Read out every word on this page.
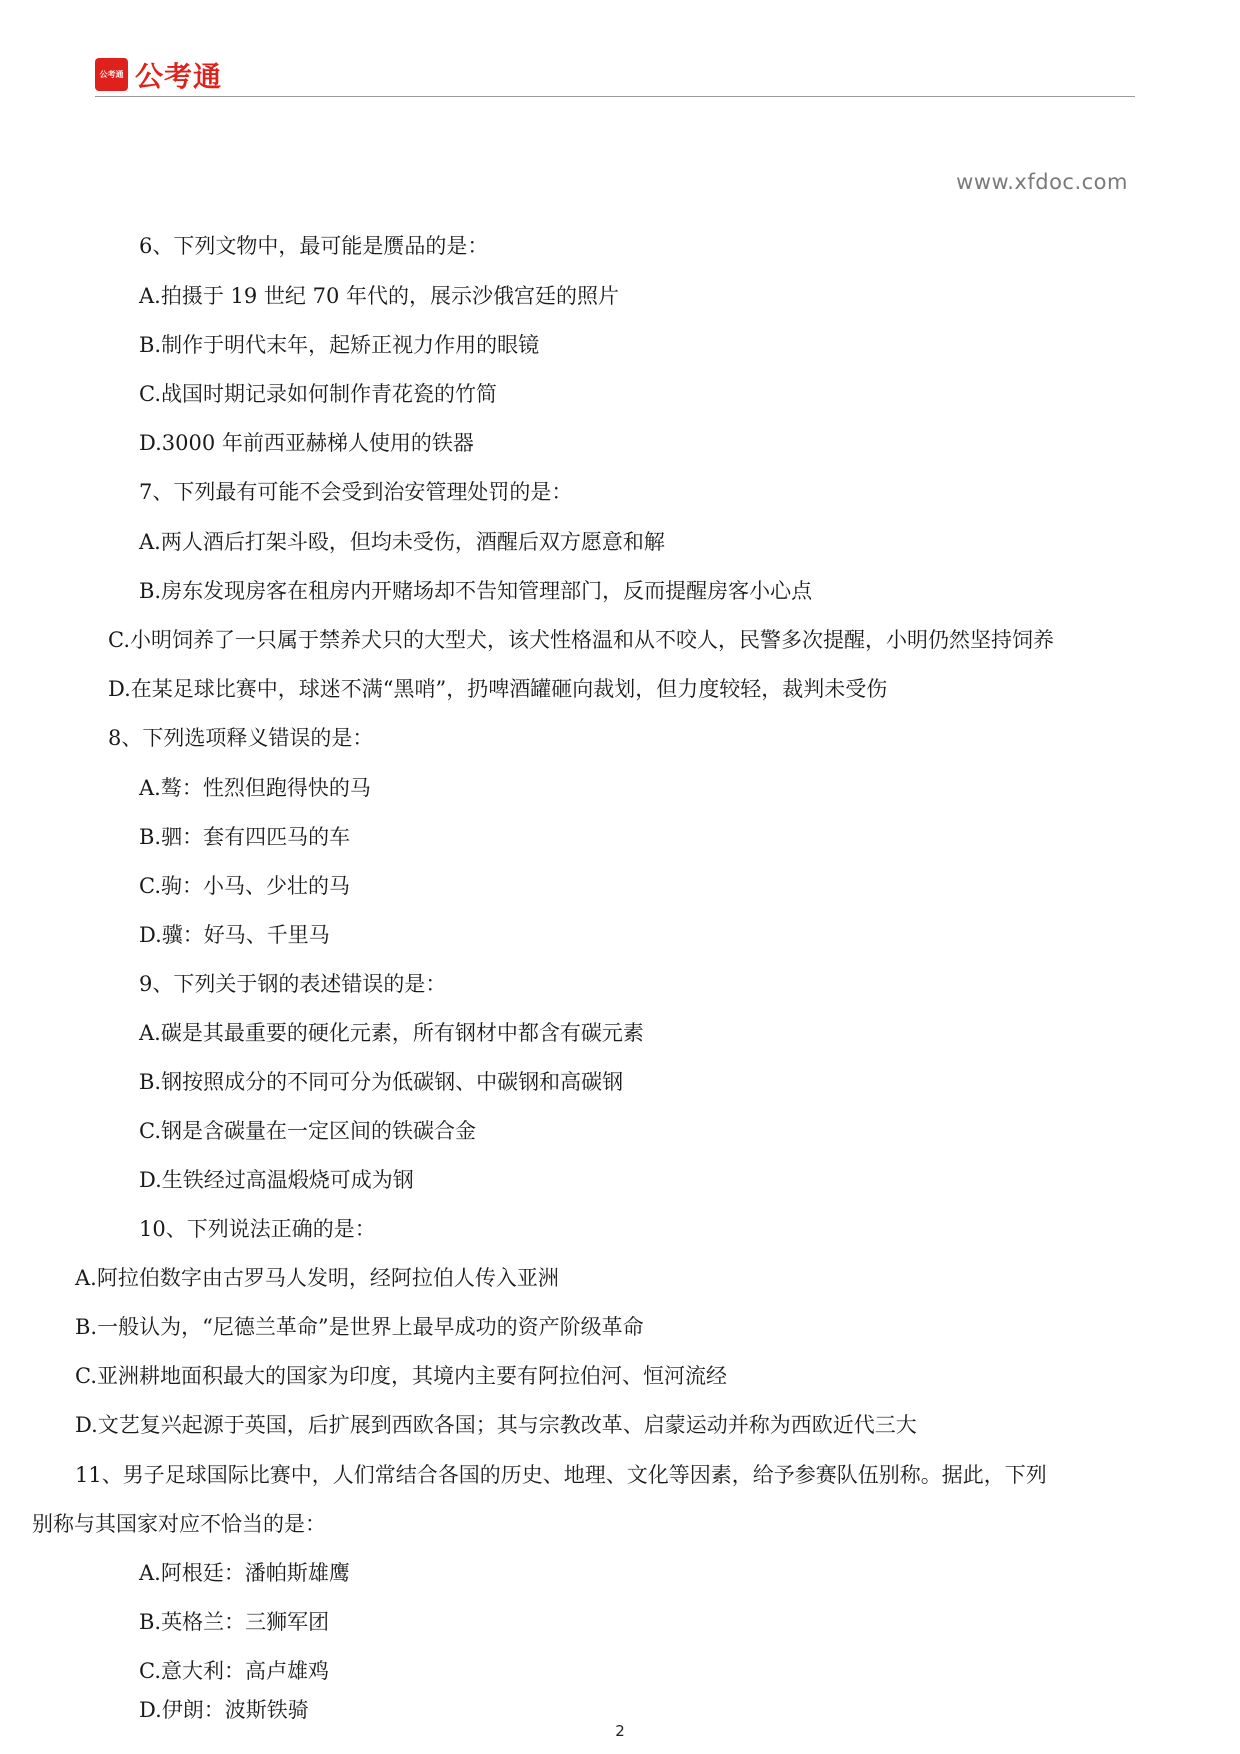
公考通 公考通
www.xfdoc.com
6、下列文物中，最可能是赝品的是：
A.拍摄于 19 世纪 70 年代的，展示沙俄宫廷的照片
B.制作于明代末年，起矫正视力作用的眼镜
C.战国时期记录如何制作青花瓷的竹简
D.3000 年前西亚赫梯人使用的铁器
7、下列最有可能不会受到治安管理处罚的是：
A.两人酒后打架斗殴，但均未受伤，酒醒后双方愿意和解
B.房东发现房客在租房内开赌场却不告知管理部门，反而提醒房客小心点
C.小明饲养了一只属于禁养犬只的大型犬，该犬性格温和从不咬人，民警多次提醒，小明仍然坚持饲养
D.在某足球比赛中，球迷不满“黑哨”，扔啤酒罐砸向裁划，但力度较轻，裁判未受伤
8、下列选项释义错误的是：
A.骜：性烈但跑得快的马
B.驷：套有四匹马的车
C.驹：小马、少壮的马
D.骥：好马、千里马
9、下列关于钢的表述错误的是：
A.碳是其最重要的硬化元素，所有钢材中都含有碳元素
B.钢按照成分的不同可分为低碳钢、中碳钢和高碳钢
C.钢是含碳量在一定区间的铁碳合金
D.生铁经过高温煅烧可成为钢
10、下列说法正确的是：
A.阿拉伯数字由古罗马人发明，经阿拉伯人传入亚洲
B.一般认为，“尼德兰革命”是世界上最早成功的资产阶级革命
C.亚洲耕地面积最大的国家为印度，其境内主要有阿拉伯河、恒河流经
D.文艺复兴起源于英国，后扩展到西欧各国；其与宗教改革、启蒙运动并称为西欧近代三大
11、男子足球国际比赛中，人们常结合各国的历史、地理、文化等因素，给予参赛队伍别称。据此，下列
别称与其国家对应不恰当的是：
A.阿根廷：潘帕斯雄鹰
B.英格兰：三狮军团
C.意大利：高卢雄鸡
D.伊朗：波斯铁骑
2
